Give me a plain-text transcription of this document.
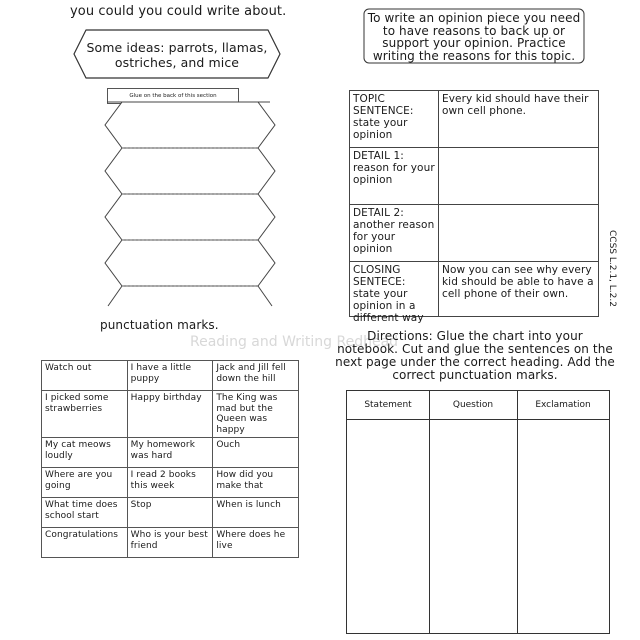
you could you could write about.
Some ideas: parrots, llamas, ostriches, and mice
Glue on the back of this section
To write an opinion piece you need to have reasons to back up or support your opinion. Practice writing the reasons for this topic.
TOPIC SENTENCE: state your opinion	Every kid should have their own cell phone.
DETAIL 1: reason for your opinion	
DETAIL 2: another reason for your opinion	

CLOSING SENTECE: state your opinion in a different way	Now you can see why every kid should be able to have a cell phone of their own.	CCSS L.2.1, L.2.2
Reading and Writing Redhead
punctuation marks.
Watch out	I have a little puppy	Jack and Jill fell down the hill
I picked some strawberries	Happy birthday	The King was mad but the Queen was happy
My cat meows loudly	My homework was hard	Ouch
Where are you going	I read 2 books this week	How did you make that
What time does school start	Stop	When is lunch
Congratulations	Who is your best friend	Where does he live
Directions: Glue the chart into your notebook. Cut and glue the sentences on the next page under the correct heading. Add the correct punctuation marks.
Statement	Question	Exclamation
